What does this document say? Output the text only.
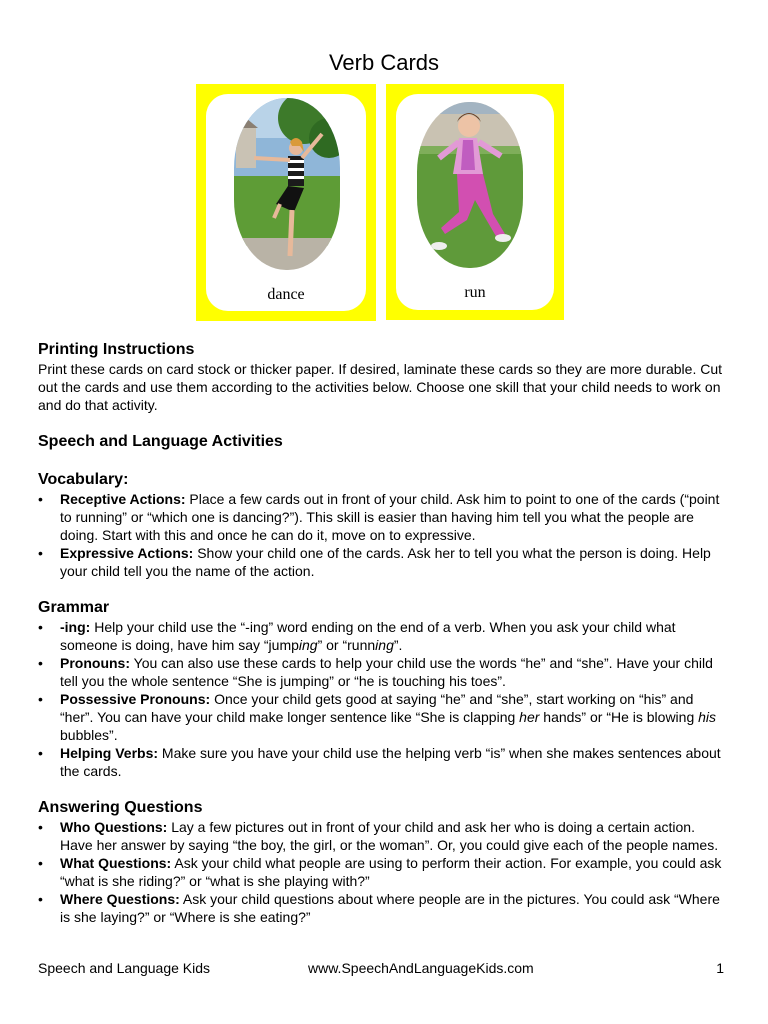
Verb Cards
dance	run
Printing Instructions

Print these cards on card stock or thicker paper. If desired, laminate these cards so they are more durable. Cut out the cards and use them according to the activities below. Choose one skill that your child needs to work on and do that activity.

Speech and Language Activities
Vocabulary:
• Receptive Actions: Place a few cards out in front of your child. Ask him to point to one of the cards (“point to running” or “which one is dancing?”). This skill is easier than having him tell you what the people are doing. Start with this and once he can do it, move on to expressive.
• Expressive Actions: Show your child one of the cards. Ask her to tell you what the person is doing. Help your child tell you the name of the action.
Grammar
• -ing: Help your child use the “-ing” word ending on the end of a verb. When you ask your child what someone is doing, have him say “jumping” or “running”.
• Pronouns: You can also use these cards to help your child use the words “he” and “she”. Have your child tell you the whole sentence “She is jumping” or “he is touching his toes”.
• Possessive Pronouns: Once your child gets good at saying “he” and “she”, start working on “his” and “her”. You can have your child make longer sentence like “She is clapping her hands” or “He is blowing his bubbles”.
• Helping Verbs: Make sure you have your child use the helping verb “is” when she makes sentences about the cards.
Answering Questions
• Who Questions: Lay a few pictures out in front of your child and ask her who is doing a certain action. Have her answer by saying “the boy, the girl, or the woman”. Or, you could give each of the people names.
• What Questions: Ask your child what people are using to perform their action. For example, you could ask “what is she riding?” or “what is she playing with?”
• Where Questions: Ask your child questions about where people are in the pictures. You could ask “Where is she laying?” or “Where is she eating?”
Speech and Language Kids	www.SpeechAndLanguageKids.com	1
